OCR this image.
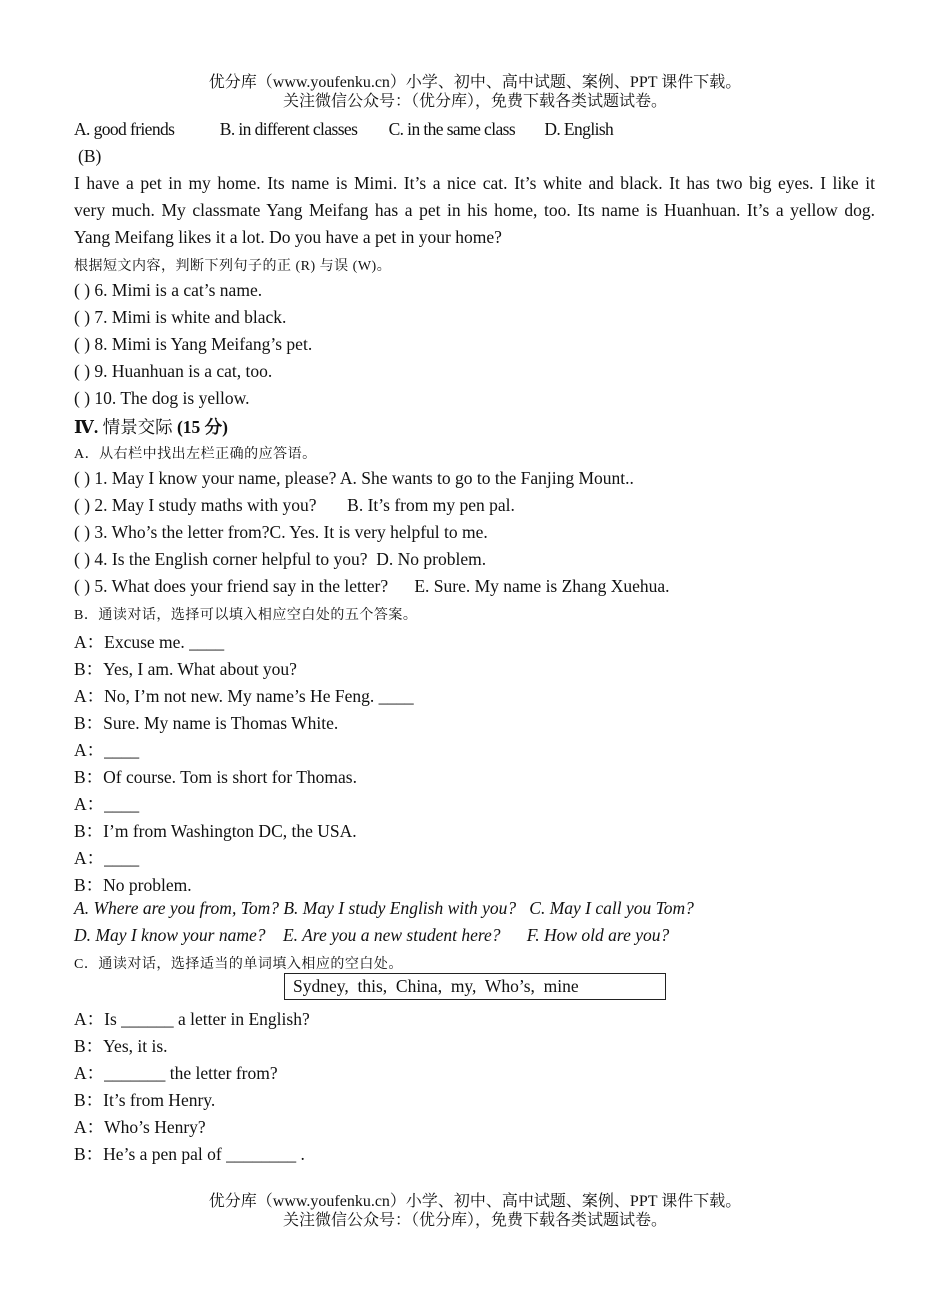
优分库（www.youfenku.cn）小学、初中、高中试题、案例、PPT 课件下载。
关注微信公众号：（优分库），免费下载各类试题试卷。
A. good friends	B. in different classes C. in the same class D. English
(B)
I have a pet in my home. Its name is Mimi. It’s a nice cat. It’s white and black. It has two big eyes. I like it
very much. My classmate Yang Meifang has a pet in his home, too. Its name is Huanhuan. It’s a yellow dog.
Yang Meifang likes it a lot. Do you have a pet in your home?
根据短文内容，判断下列句子的正 (R) 与误 (W)。
( ) 6. Mimi is a cat’s name.
( ) 7. Mimi is white and black.
( ) 8. Mimi is Yang Meifang’s pet.
( ) 9. Huanhuan is a cat, too.
( ) 10. The dog is yellow.
Ⅳ. 情景交际 (15 分)
A．从右栏中找出左栏正确的应答语。
( ) 1. May I know your name, please? A. She wants to go to the Fanjing Mount..
( ) 2. May I study maths with you?       B. It’s from my pen pal.
( ) 3. Who’s the letter from?C. Yes. It is very helpful to me.
( ) 4. Is the English corner helpful to you?  D. No problem.
( ) 5. What does your friend say in the letter?      E. Sure. My name is Zhang Xuehua.
B．通读对话，选择可以填入相应空白处的五个答案。
A：Excuse me. ____
B：Yes, I am. What about you?
A：No, I’m not new. My name’s He Feng. ____
B：Sure. My name is Thomas White.
A：____
B：Of course. Tom is short for Thomas.
A：____
B：I’m from Washington DC, the USA.
A：____
B：No problem.
A. Where are you from, Tom? B. May I study English with you?   C. May I call you Tom?
D. May I know your name?    E. Are you a new student here?      F. How old are you?
C．通读对话，选择适当的单词填入相应的空白处。
Sydney,  this,  China,  my,  Who’s,  mine
A：Is ______ a letter in English?
B：Yes, it is.
A：_______ the letter from?
B：It’s from Henry.
A：Who’s Henry?
B：He’s a pen pal of ________ .
优分库（www.youfenku.cn）小学、初中、高中试题、案例、PPT 课件下载。
关注微信公众号：（优分库），免费下载各类试题试卷。
